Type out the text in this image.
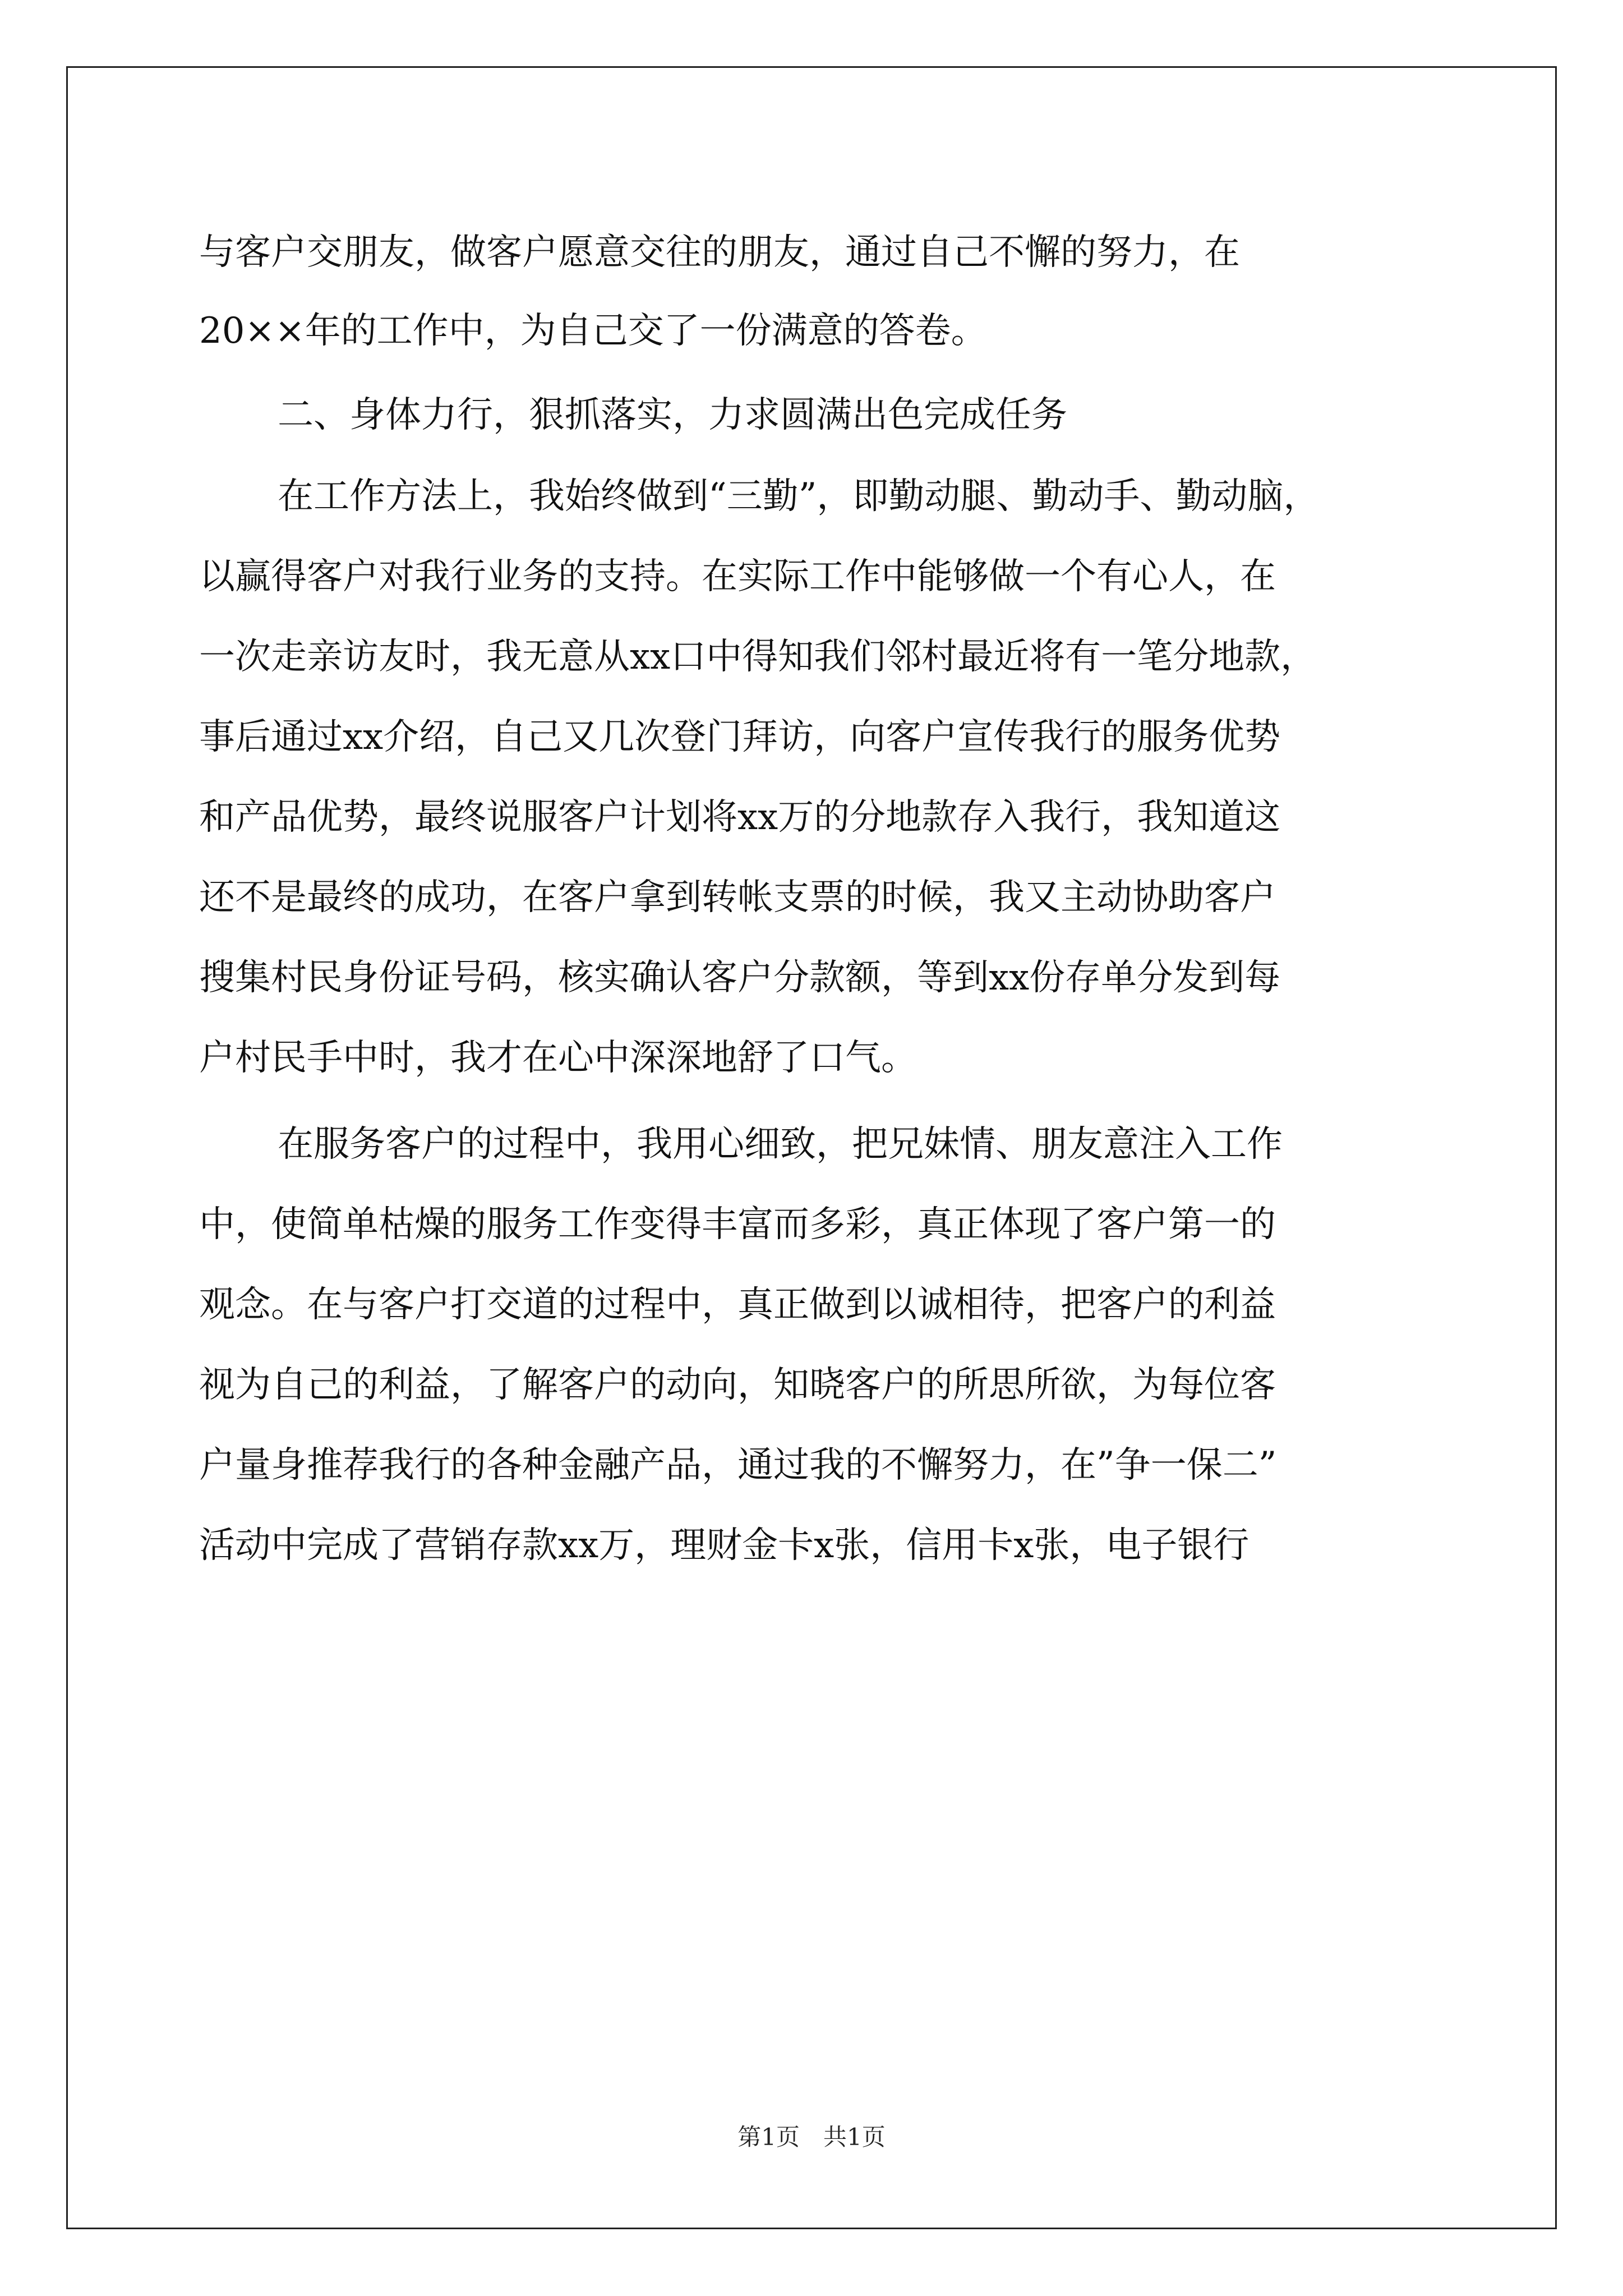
与客户交朋友，做客户愿意交往的朋友，通过自己不懈的努力，在
20××年的工作中，为自己交了一份满意的答卷。
二、身体力行，狠抓落实，力求圆满出色完成任务
在工作方法上，我始终做到“三勤”，即勤动腿、勤动手、勤动脑，
以赢得客户对我行业务的支持。在实际工作中能够做一个有心人，在
一次走亲访友时，我无意从xx口中得知我们邻村最近将有一笔分地款，
事后通过xx介绍，自己又几次登门拜访，向客户宣传我行的服务优势
和产品优势，最终说服客户计划将xx万的分地款存入我行，我知道这
还不是最终的成功，在客户拿到转帐支票的时候，我又主动协助客户
搜集村民身份证号码，核实确认客户分款额，等到xx份存单分发到每
户村民手中时，我才在心中深深地舒了口气。
在服务客户的过程中，我用心细致，把兄妹情、朋友意注入工作
中，使简单枯燥的服务工作变得丰富而多彩，真正体现了客户第一的
观念。在与客户打交道的过程中，真正做到以诚相待，把客户的利益
视为自己的利益，了解客户的动向，知晓客户的所思所欲，为每位客
户量身推荐我行的各种金融产品，通过我的不懈努力，在”争一保二”
活动中完成了营销存款xx万，理财金卡x张，信用卡x张，电子银行
第1页　共1页
